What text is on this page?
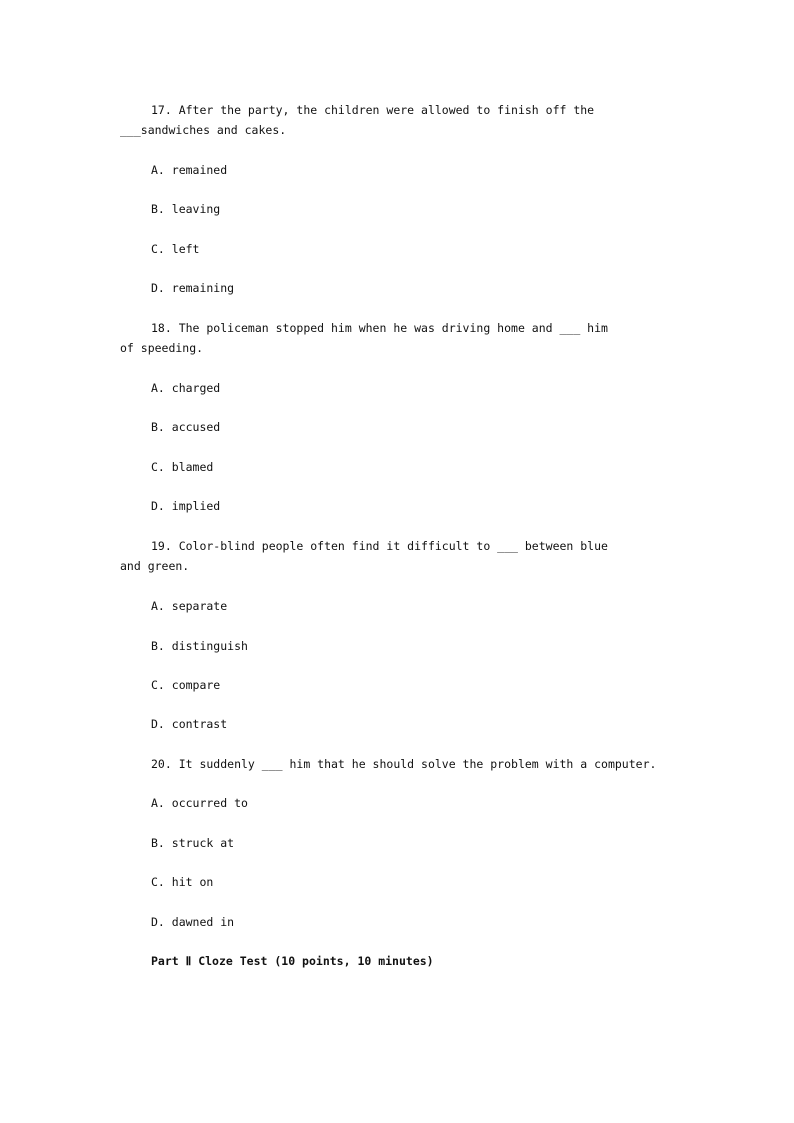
17. After the party, the children were allowed to finish off the ___sandwiches and cakes.

A. remained
B. leaving
C. left
D. remaining

18. The policeman stopped him when he was driving home and ___ him of speeding.

A. charged
B. accused
C. blamed
D. implied

19. Color-blind people often find it difficult to ___ between blue and green.

A. separate
B. distinguish
C. compare
D. contrast

20. It suddenly ___ him that he should solve the problem with a computer.

A. occurred to
B. struck at
C. hit on
D. dawned in
Part Ⅱ Cloze Test (10 points, 10 minutes)
